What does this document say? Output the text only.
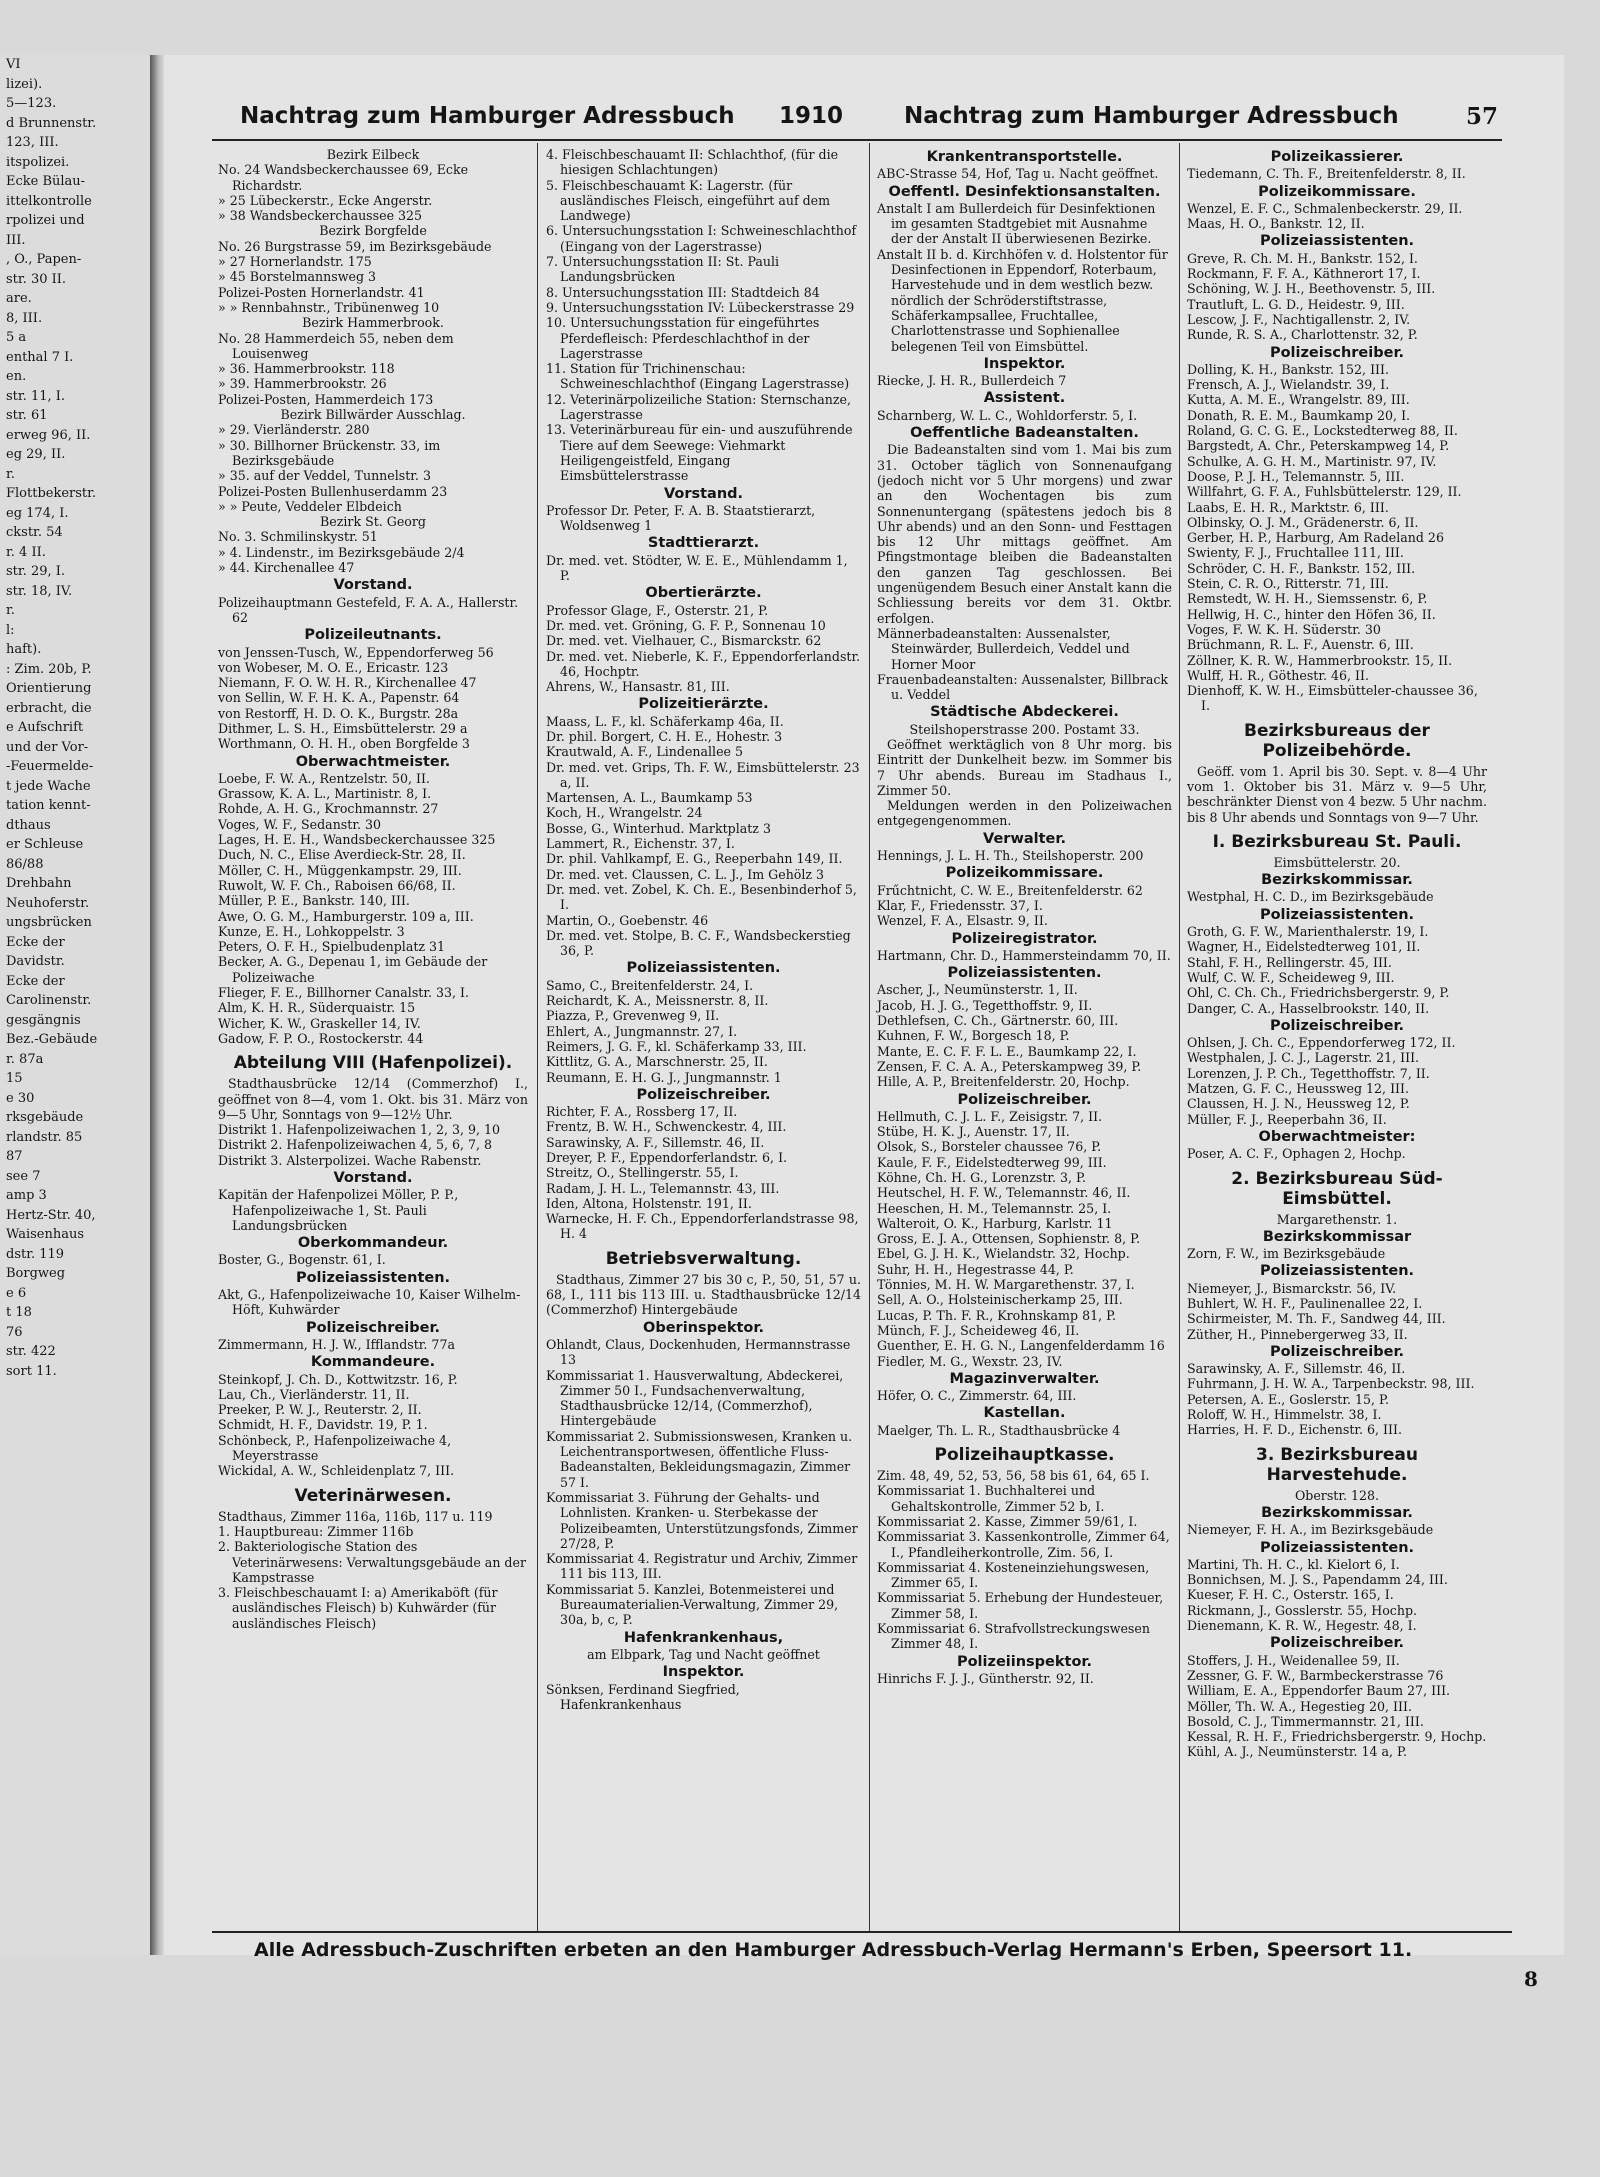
VI
lizei).
5—123.
d Brunnenstr.
123, III.
itspolizei.
Ecke Bülau-
ittelkontrolle
rpolizei und
III.
, O., Papen-
str. 30 II.
are.
8, III.
5 a
enthal 7 I.
en.
str. 11, I.
str. 61
erweg 96, II.
eg 29, II.
r.
Flottbekerstr.
eg 174, I.
ckstr. 54
r. 4 II.
str. 29, I.
str. 18, IV.
r.
l:
haft).
: Zim. 20b, P.
Orientierung
erbracht, die
e Aufschrift
und der Vor-
-Feuermelde-
t jede Wache
tation kennt-
dthaus
er Schleuse
86/88
Drehbahn
Neuhoferstr.
ungsbrücken
Ecke der
Davidstr.
Ecke der
Carolinenstr.
gesgängnis
Bez.-Gebäude
r. 87a
15
e 30
rksgebäude
rlandstr. 85
87
see 7
amp 3
Hertz-Str. 40,
Waisenhaus
dstr. 119
Borgweg
e 6
t 18
76
str. 422
sort 11.
Nachtrag zum Hamburger Adressbuch 1910	Nachtrag zum Hamburger Adressbuch	57
Bezirk Eilbeck
No. 24 Wandsbeckerchaussee 69, Ecke Richardstr.
» 25 Lübeckerstr., Ecke Angerstr.
» 38 Wandsbeckerchaussee 325
Bezirk Borgfelde
No. 26 Burgstrasse 59, im Bezirksgebäude
» 27 Hornerlandstr. 175
» 45 Borstelmannsweg 3
Polizei-Posten Hornerlandstr. 41
» » Rennbahnstr., Tribünenweg 10
Bezirk Hammerbrook.
No. 28 Hammerdeich 55, neben dem Louisenweg
» 36. Hammerbrookstr. 118
» 39. Hammerbrookstr. 26
Polizei-Posten, Hammerdeich 173
Bezirk Billwärder Ausschlag.
» 29. Vierländerstr. 280
» 30. Billhorner Brückenstr. 33, im Bezirksgebäude
» 35. auf der Veddel, Tunnelstr. 3
Polizei-Posten Bullenhuserdamm 23
» » Peute, Veddeler Elbdeich
Bezirk St. Georg
No. 3. Schmilinskystr. 51
» 4. Lindenstr., im Bezirksgebäude 2/4
» 44. Kirchenallee 47
Vorstand.
Polizeihauptmann Gestefeld, F. A. A., Hallerstr. 62
Polizeileutnants.
von Jenssen-Tusch, W., Eppendorferweg 56
von Wobeser, M. O. E., Ericastr. 123
Niemann, F. O. W. H. R., Kirchenallee 47
von Sellin, W. F. H. K. A., Papenstr. 64
von Restorff, H. D. O. K., Burgstr. 28a
Dithmer, L. S. H., Eimsbüttelerstr. 29 a
Worthmann, O. H. H., oben Borgfelde 3
Oberwachtmeister.
Loebe, F. W. A., Rentzelstr. 50, II.
Grassow, K. A. L., Martinistr. 8, I.
Rohde, A. H. G., Krochmannstr. 27
Voges, W. F., Sedanstr. 30
Lages, H. E. H., Wandsbeckerchaussee 325
Duch, N. C., Elise Averdieck-Str. 28, II.
Möller, C. H., Müggenkampstr. 29, III.
Ruwolt, W. F. Ch., Raboisen 66/68, II.
Müller, P. E., Bankstr. 140, III.
Awe, O. G. M., Hamburgerstr. 109 a, III.
Kunze, E. H., Lohkoppelstr. 3
Peters, O. F. H., Spielbudenplatz 31
Becker, A. G., Depenau 1, im Gebäude der Polizeiwache
Flieger, F. E., Billhorner Canalstr. 33, I.
Alm, K. H. R., Süderquaistr. 15
Wicher, K. W., Graskeller 14, IV.
Gadow, F. P. O., Rostockerstr. 44
Abteilung VIII (Hafenpolizei).
Stadthausbrücke 12/14 (Commerzhof) I., geöffnet von 8—4, vom 1. Okt. bis 31. März von 9—5 Uhr, Sonntags von 9—12½ Uhr.
Distrikt 1. Hafenpolizeiwachen 1, 2, 3, 9, 10
Distrikt 2. Hafenpolizeiwachen 4, 5, 6, 7, 8
Distrikt 3. Alsterpolizei. Wache Rabenstr.
Vorstand.
Kapitän der Hafenpolizei Möller, P. P., Hafenpolizeiwache 1, St. Pauli Landungsbrücken
Oberkommandeur.
Boster, G., Bogenstr. 61, I.
Polizeiassistenten.
Akt, G., Hafenpolizeiwache 10, Kaiser Wilhelm-Höft, Kuhwärder
Polizeischreiber.
Zimmermann, H. J. W., Ifflandstr. 77a
Kommandeure.
Steinkopf, J. Ch. D., Kottwitzstr. 16, P.
Lau, Ch., Vierländerstr. 11, II.
Preeker, P. W. J., Reuterstr. 2, II.
Schmidt, H. F., Davidstr. 19, P. 1.
Schönbeck, P., Hafenpolizeiwache 4, Meyerstrasse
Wickidal, A. W., Schleidenplatz 7, III.
Veterinärwesen.
Stadthaus, Zimmer 116a, 116b, 117 u. 119
1. Hauptbureau: Zimmer 116b
2. Bakteriologische Station des Veterinärwesens: Verwaltungsgebäude an der Kampstrasse
3. Fleischbeschauamt I: a) Amerikaböft (für ausländisches Fleisch) b) Kuhwärder (für ausländisches Fleisch)
4. Fleischbeschauamt II: Schlachthof, (für die hiesigen Schlachtungen)
5. Fleischbeschauamt K: Lagerstr. (für ausländisches Fleisch, eingeführt auf dem Landwege)
6. Untersuchungsstation I: Schweineschlachthof (Eingang von der Lagerstrasse)
7. Untersuchungsstation II: St. Pauli Landungsbrücken
8. Untersuchungsstation III: Stadtdeich 84
9. Untersuchungsstation IV: Lübeckerstrasse 29
10. Untersuchungsstation für eingeführtes Pferdefleisch: Pferdeschlachthof in der Lagerstrasse
11. Station für Trichinenschau: Schweineschlachthof (Eingang Lagerstrasse)
12. Veterinärpolizeiliche Station: Sternschanze, Lagerstrasse
13. Veterinärbureau für ein- und auszuführende Tiere auf dem Seewege: Viehmarkt Heiligengeistfeld, Eingang Eimsbüttelerstrasse
Vorstand.
Professor Dr. Peter, F. A. B. Staatstierarzt, Woldsenweg 1
Stadttierarzt.
Dr. med. vet. Stödter, W. E. E., Mühlendamm 1, P.
Obertierärzte.
Professor Glage, F., Osterstr. 21, P.
Dr. med. vet. Gröning, G. F. P., Sonnenau 10
Dr. med. vet. Vielhauer, C., Bismarckstr. 62
Dr. med. vet. Nieberle, K. F., Eppendorferlandstr. 46, Hochptr.
Ahrens, W., Hansastr. 81, III.
Polizeitierärzte.
Maass, L. F., kl. Schäferkamp 46a, II.
Dr. phil. Borgert, C. H. E., Hohestr. 3
Krautwald, A. F., Lindenallee 5
Dr. med. vet. Grips, Th. F. W., Eimsbüttelerstr. 23 a, II.
Martensen, A. L., Baumkamp 53
Koch, H., Wrangelstr. 24
Bosse, G., Winterhud. Marktplatz 3
Lammert, R., Eichenstr. 37, I.
Dr. phil. Vahlkampf, E. G., Reeperbahn 149, II.
Dr. med. vet. Claussen, C. L. J., Im Gehölz 3
Dr. med. vet. Zobel, K. Ch. E., Besenbinderhof 5, I.
Martin, O., Goebenstr. 46
Dr. med. vet. Stolpe, B. C. F., Wandsbeckerstieg 36, P.
Polizeiassistenten.
Samo, C., Breitenfelderstr. 24, I.
Reichardt, K. A., Meissnerstr. 8, II.
Piazza, P., Grevenweg 9, II.
Ehlert, A., Jungmannstr. 27, I.
Reimers, J. G. F., kl. Schäferkamp 33, III.
Kittlitz, G. A., Marschnerstr. 25, II.
Reumann, E. H. G. J., Jungmannstr. 1
Polizeischreiber.
Richter, F. A., Rossberg 17, II.
Frentz, B. W. H., Schwenckestr. 4, III.
Sarawinsky, A. F., Sillemstr. 46, II.
Dreyer, P. F., Eppendorferlandstr. 6, I.
Streitz, O., Stellingerstr. 55, I.
Radam, J. H. L., Telemannstr. 43, III.
Iden, Altona, Holstenstr. 191, II.
Warnecke, H. F. Ch., Eppendorferlandstrasse 98, H. 4
Betriebsverwaltung.
Stadthaus, Zimmer 27 bis 30 c, P., 50, 51, 57 u. 68, I., 111 bis 113 III. u. Stadthausbrücke 12/14 (Commerzhof) Hintergebäude
Oberinspektor.
Ohlandt, Claus, Dockenhuden, Hermannstrasse 13
Kommissariat 1. Hausverwaltung, Abdeckerei, Zimmer 50 I., Fundsachenverwaltung, Stadthausbrücke 12/14, (Commerzhof), Hintergebäude
Kommissariat 2. Submissionswesen, Kranken u. Leichentransportwesen, öffentliche Fluss-Badeanstalten, Bekleidungsmagazin, Zimmer 57 I.
Kommissariat 3. Führung der Gehalts- und Lohnlisten. Kranken- u. Sterbekasse der Polizeibeamten, Unterstützungsfonds, Zimmer 27/28, P.
Kommissariat 4. Registratur und Archiv, Zimmer 111 bis 113, III.
Kommissariat 5. Kanzlei, Botenmeisterei und Bureaumaterialien-Verwaltung, Zimmer 29, 30a, b, c, P.
Hafenkrankenhaus,
am Elbpark, Tag und Nacht geöffnet
Inspektor.
Sönksen, Ferdinand Siegfried, Hafenkrankenhaus
Krankentransportstelle.
ABC-Strasse 54, Hof, Tag u. Nacht geöffnet.
Oeffentl. Desinfektionsanstalten.
Anstalt I am Bullerdeich für Desinfektionen im gesamten Stadtgebiet mit Ausnahme der der Anstalt II überwiesenen Bezirke.
Anstalt II b. d. Kirchhöfen v. d. Holstentor für Desinfectionen in Eppendorf, Roterbaum, Harvestehude und in dem westlich bezw. nördlich der Schröderstiftstrasse, Schäferkampsallee, Fruchtallee, Charlottenstrasse und Sophienallee belegenen Teil von Eimsbüttel.
Inspektor.
Riecke, J. H. R., Bullerdeich 7
Assistent.
Scharnberg, W. L. C., Wohldorferstr. 5, I.
Oeffentliche Badeanstalten.
Die Badeanstalten sind vom 1. Mai bis zum 31. October täglich von Sonnenaufgang (jedoch nicht vor 5 Uhr morgens) und zwar an den Wochentagen bis zum Sonnenuntergang (spätestens jedoch bis 8 Uhr abends) und an den Sonn- und Festtagen bis 12 Uhr mittags geöffnet. Am Pfingstmontage bleiben die Badeanstalten den ganzen Tag geschlossen. Bei ungenügendem Besuch einer Anstalt kann die Schliessung bereits vor dem 31. Oktbr. erfolgen.
Männerbadeanstalten: Aussenalster, Steinwärder, Bullerdeich, Veddel und Horner Moor
Frauenbadeanstalten: Aussenalster, Billbrack u. Veddel
Städtische Abdeckerei.
Steilshoperstrasse 200. Postamt 33.
Geöffnet werktäglich von 8 Uhr morg. bis Eintritt der Dunkelheit bezw. im Sommer bis 7 Uhr abends. Bureau im Stadhaus I., Zimmer 50.
Meldungen werden in den Polizeiwachen entgegengenommen.
Verwalter.
Hennings, J. L. H. Th., Steilshoperstr. 200
Polizeikommissare.
Frűchtnicht, C. W. E., Breitenfelderstr. 62
Klar, F., Friedensstr. 37, I.
Wenzel, F. A., Elsastr. 9, II.
Polizeiregistrator.
Hartmann, Chr. D., Hammersteindamm 70, II.
Polizeiassistenten.
Ascher, J., Neumünsterstr. 1, II.
Jacob, H. J. G., Tegetthoffstr. 9, II.
Dethlefsen, C. Ch., Gärtnerstr. 60, III.
Kuhnen, F. W., Borgesch 18, P.
Mante, E. C. F. F. L. E., Baumkamp 22, I.
Zensen, F. C. A. A., Peterskampweg 39, P.
Hille, A. P., Breitenfelderstr. 20, Hochp.
Polizeischreiber.
Hellmuth, C. J. L. F., Zeisigstr. 7, II.
Stübe, H. K. J., Auenstr. 17, II.
Olsok, S., Borsteler chaussee 76, P.
Kaule, F. F., Eidelstedterweg 99, III.
Köhne, Ch. H. G., Lorenzstr. 3, P.
Heutschel, H. F. W., Telemannstr. 46, II.
Heeschen, H. M., Telemannstr. 25, I.
Walteroit, O. K., Harburg, Karlstr. 11
Gross, E. J. A., Ottensen, Sophienstr. 8, P.
Ebel, G. J. H. K., Wielandstr. 32, Hochp.
Suhr, H. H., Hegestrasse 44, P.
Tönnies, M. H. W. Margarethenstr. 37, I.
Sell, A. O., Holsteinischerkamp 25, III.
Lucas, P. Th. F. R., Krohnskamp 81, P.
Münch, F. J., Scheideweg 46, II.
Guenther, E. H. G. N., Langenfelderdamm 16
Fiedler, M. G., Wexstr. 23, IV.
Magazinverwalter.
Höfer, O. C., Zimmerstr. 64, III.
Kastellan.
Maelger, Th. L. R., Stadthausbrücke 4
Polizeihauptkasse.
Zim. 48, 49, 52, 53, 56, 58 bis 61, 64, 65 I.
Kommissariat 1. Buchhalterei und Gehaltskontrolle, Zimmer 52 b, I.
Kommissariat 2. Kasse, Zimmer 59/61, I.
Kommissariat 3. Kassenkontrolle, Zimmer 64, I., Pfandleiherkontrolle, Zim. 56, I.
Kommissariat 4. Kosteneinziehungswesen, Zimmer 65, I.
Kommissariat 5. Erhebung der Hundesteuer, Zimmer 58, I.
Kommissariat 6. Strafvollstreckungswesen Zimmer 48, I.
Polizeiinspektor.
Hinrichs F. J. J., Güntherstr. 92, II.
Polizeikassierer.
Tiedemann, C. Th. F., Breitenfelderstr. 8, II.
Polizeikommissare.
Wenzel, E. F. C., Schmalenbeckerstr. 29, II.
Maas, H. O., Bankstr. 12, II.
Polizeiassistenten.
Greve, R. Ch. M. H., Bankstr. 152, I.
Rockmann, F. F. A., Käthnerort 17, I.
Schöning, W. J. H., Beethovenstr. 5, III.
Trautluft, L. G. D., Heidestr. 9, III.
Lescow, J. F., Nachtigallenstr. 2, IV.
Runde, R. S. A., Charlottenstr. 32, P.
Polizeischreiber.
Dolling, K. H., Bankstr. 152, III.
Frensch, A. J., Wielandstr. 39, I.
Kutta, A. M. E., Wrangelstr. 89, III.
Donath, R. E. M., Baumkamp 20, I.
Roland, G. C. G. E., Lockstedterweg 88, II.
Bargstedt, A. Chr., Peterskampweg 14, P.
Schulke, A. G. H. M., Martinistr. 97, IV.
Doose, P. J. H., Telemannstr. 5, III.
Willfahrt, G. F. A., Fuhlsbüttelerstr. 129, II.
Laabs, E. H. R., Marktstr. 6, III.
Olbinsky, O. J. M., Grädenerstr. 6, II.
Gerber, H. P., Harburg, Am Radeland 26
Swienty, F. J., Fruchtallee 111, III.
Schröder, C. H. F., Bankstr. 152, III.
Stein, C. R. O., Ritterstr. 71, III.
Remstedt, W. H. H., Siemssenstr. 6, P.
Hellwig, H. C., hinter den Höfen 36, II.
Voges, F. W. K. H. Süderstr. 30
Brüchmann, R. L. F., Auenstr. 6, III.
Zöllner, K. R. W., Hammerbrookstr. 15, II.
Wulff, H. R., Göthestr. 46, II.
Dienhoff, K. W. H., Eimsbütteler-chaussee 36, I.
Bezirksbureaus der Polizeibehörde.
Geöff. vom 1. April bis 30. Sept. v. 8—4 Uhr vom 1. Oktober bis 31. März v. 9—5 Uhr, beschränkter Dienst von 4 bezw. 5 Uhr nachm. bis 8 Uhr abends und Sonntags von 9—7 Uhr.
I. Bezirksbureau St. Pauli.
Eimsbüttelerstr. 20.
Bezirkskommissar.
Westphal, H. C. D., im Bezirksgebäude
Polizeiassistenten.
Groth, G. F. W., Marienthalerstr. 19, I.
Wagner, H., Eidelstedterweg 101, II.
Stahl, F. H., Rellingerstr. 45, III.
Wulf, C. W. F., Scheideweg 9, III.
Ohl, C. Ch. Ch., Friedrichsbergerstr. 9, P.
Danger, C. A., Hasselbrookstr. 140, II.
Polizeischreiber.
Ohlsen, J. Ch. C., Eppendorferweg 172, II.
Westphalen, J. C. J., Lagerstr. 21, III.
Lorenzen, J. P. Ch., Tegetthoffstr. 7, II.
Matzen, G. F. C., Heussweg 12, III.
Claussen, H. J. N., Heussweg 12, P.
Müller, F. J., Reeperbahn 36, II.
Oberwachtmeister:
Poser, A. C. F., Ophagen 2, Hochp.
2. Bezirksbureau Süd-Eimsbüttel.
Margarethenstr. 1.
Bezirkskommissar
Zorn, F. W., im Bezirksgebäude
Polizeiassistenten.
Niemeyer, J., Bismarckstr. 56, IV.
Buhlert, W. H. F., Paulinenallee 22, I.
Schirmeister, M. Th. F., Sandweg 44, III.
Züther, H., Pinnebergerweg 33, II.
Polizeischreiber.
Sarawinsky, A. F., Sillemstr. 46, II.
Fuhrmann, J. H. W. A., Tarpenbeckstr. 98, III.
Petersen, A. E., Goslerstr. 15, P.
Roloff, W. H., Himmelstr. 38, I.
Harries, H. F. D., Eichenstr. 6, III.
3. Bezirksbureau Harvestehude.
Oberstr. 128.
Bezirkskommissar.
Niemeyer, F. H. A., im Bezirksgebäude
Polizeiassistenten.
Martini, Th. H. C., kl. Kielort 6, I.
Bonnichsen, M. J. S., Papendamm 24, III.
Kueser, F. H. C., Osterstr. 165, I.
Rickmann, J., Gosslerstr. 55, Hochp.
Dienemann, K. R. W., Hegestr. 48, I.
Polizeischreiber.
Stoffers, J. H., Weidenallee 59, II.
Zessner, G. F. W., Barmbeckerstrasse 76
William, E. A., Eppendorfer Baum 27, III.
Möller, Th. W. A., Hegestieg 20, III.
Bosold, C. J., Timmermannstr. 21, III.
Kessal, R. H. F., Friedrichsbergerstr. 9, Hochp.
Kühl, A. J., Neumünsterstr. 14 a, P.
Alle Adressbuch-Zuschriften erbeten an den Hamburger Adressbuch-Verlag Hermann's Erben, Speersort 11.
8
